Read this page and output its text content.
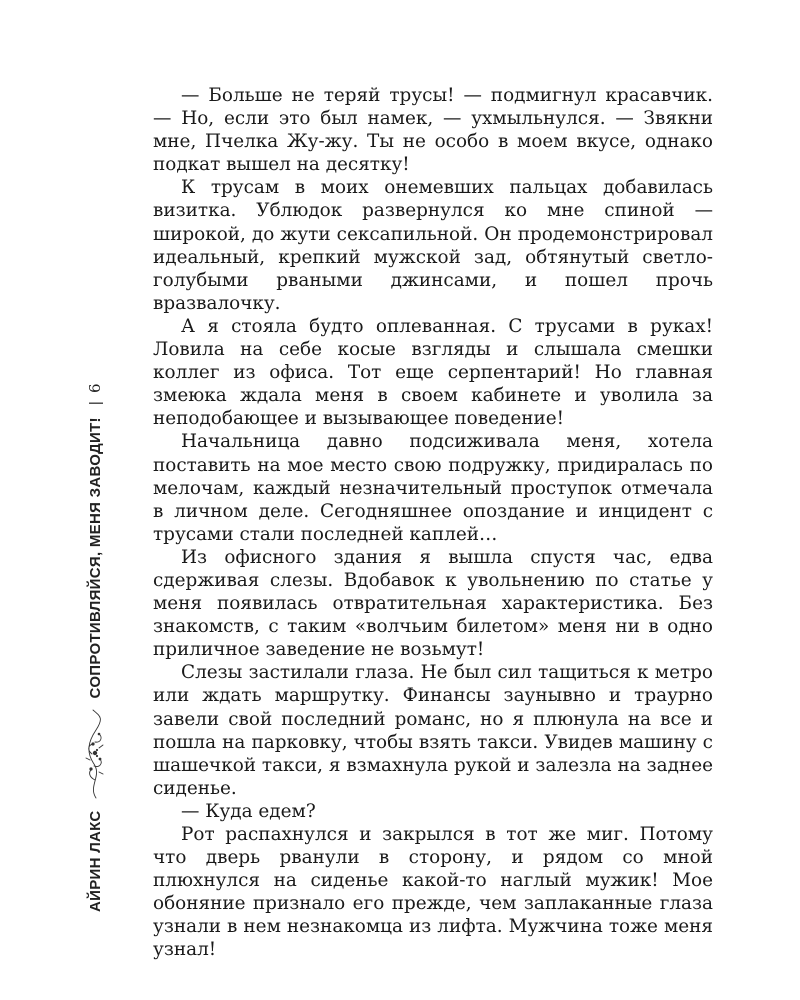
АЙРИН ЛАКС
СОПРОТИВЛЯЙСЯ, МЕНЯ ЗАВОДИТ!
|
6

— Больше не теряй трусы! — подмигнул красавчик. — Но, если это был намек, — ухмыльнулся. — Звякни мне, Пчелка Жу-жу. Ты не особо в моем вкусе, однако подкат вышел на десятку!

К трусам в моих онемевших пальцах добавилась визитка. Ублюдок развернулся ко мне спиной — широкой, до жути сексапильной. Он продемонстрировал идеальный, крепкий мужской зад, обтянутый светло-голубыми рваными джинсами, и пошел прочь вразвалочку.

А я стояла будто оплеванная. С трусами в руках! Ловила на себе косые взгляды и слышала смешки коллег из офиса. Тот еще серпентарий! Но главная змеюка ждала меня в своем кабинете и уволила за неподобающее и вызывающее поведение!

Начальница давно подсиживала меня, хотела поставить на мое место свою подружку, придиралась по мелочам, каждый незначительный проступок отмечала в личном деле. Сегодняшнее опоздание и инцидент с трусами стали последней каплей…

Из офисного здания я вышла спустя час, едва сдерживая слезы. Вдобавок к увольнению по статье у меня появилась отвратительная характеристика. Без знакомств, с таким «волчьим билетом» меня ни в одно приличное заведение не возьмут!

Слезы застилали глаза. Не был сил тащиться к метро или ждать маршрутку. Финансы заунывно и траурно завели свой последний романс, но я плюнула на все и пошла на парковку, чтобы взять такси. Увидев машину с шашечкой такси, я взмахнула рукой и залезла на заднее сиденье.

— Куда едем?

Рот распахнулся и закрылся в тот же миг. Потому что дверь рванули в сторону, и рядом со мной плюхнулся на сиденье какой-то наглый мужик! Мое обоняние признало его прежде, чем заплаканные глаза узнали в нем незнакомца из лифта. Мужчина тоже меня узнал!
